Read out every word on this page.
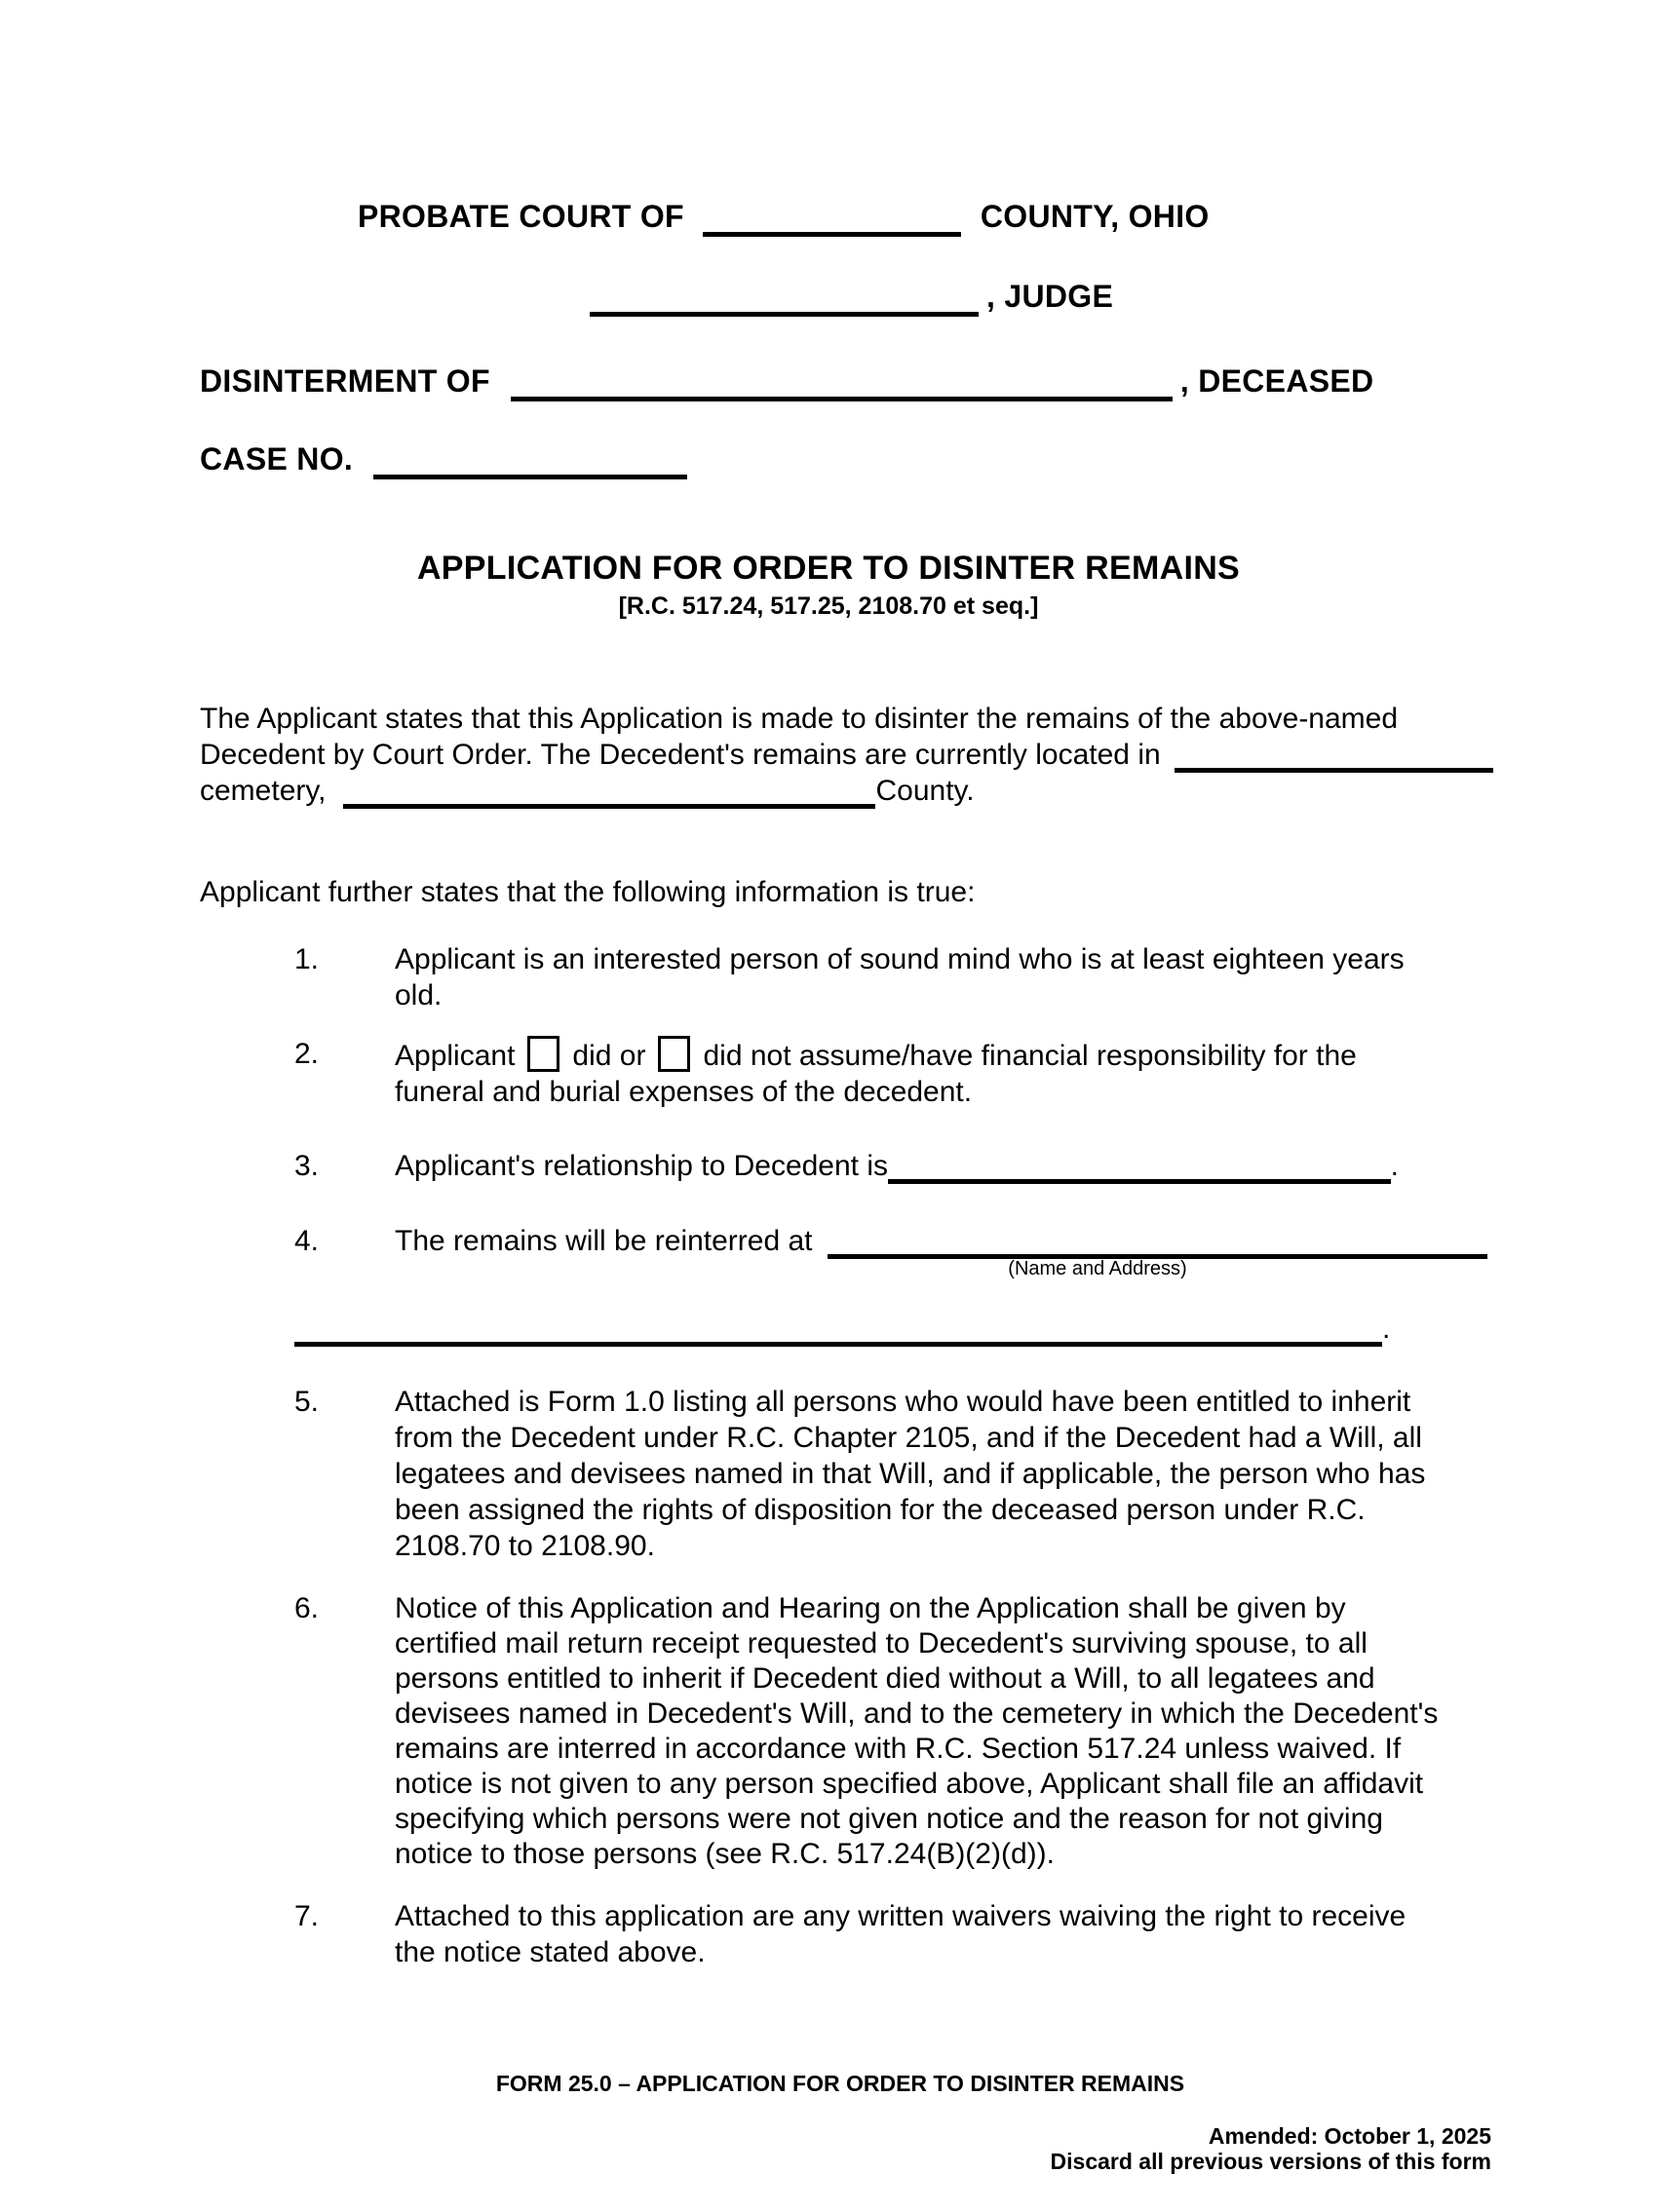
PROBATE COURT OF	COUNTY, OHIO
, JUDGE
DISINTERMENT OF	, DECEASED
CASE NO.
APPLICATION FOR ORDER TO DISINTER REMAINS
[R.C. 517.24, 517.25, 2108.70 et seq.]
The Applicant states that this Application is made to disinter the remains of the above-named
Decedent by Court Order. The Decedent's remains are currently located in
cemetery,	County.
Applicant further states that the following information is true:
1.	Applicant is an interested person of sound mind who is at least eighteen years
old.
2.	Applicant did or did not assume/have financial responsibility for the
funeral and burial expenses of the decedent.
3.	Applicant's relationship to Decedent is	.
4.	The remains will be reinterred at
(Name and Address)
.
5.	Attached is Form 1.0 listing all persons who would have been entitled to inherit
from the Decedent under R.C. Chapter 2105, and if the Decedent had a Will, all
legatees and devisees named in that Will, and if applicable, the person who has
been assigned the rights of disposition for the deceased person under R.C.
2108.70 to 2108.90.
6.	Notice of this Application and Hearing on the Application shall be given by
certified mail return receipt requested to Decedent's surviving spouse, to all
persons entitled to inherit if Decedent died without a Will, to all legatees and
devisees named in Decedent's Will, and to the cemetery in which the Decedent's
remains are interred in accordance with R.C. Section 517.24 unless waived. If
notice is not given to any person specified above, Applicant shall file an affidavit
specifying which persons were not given notice and the reason for not giving
notice to those persons (see R.C. 517.24(B)(2)(d)).
7.	Attached to this application are any written waivers waiving the right to receive
the notice stated above.
FORM 25.0 – APPLICATION FOR ORDER TO DISINTER REMAINS
Amended: October 1, 2025
Discard all previous versions of this form
